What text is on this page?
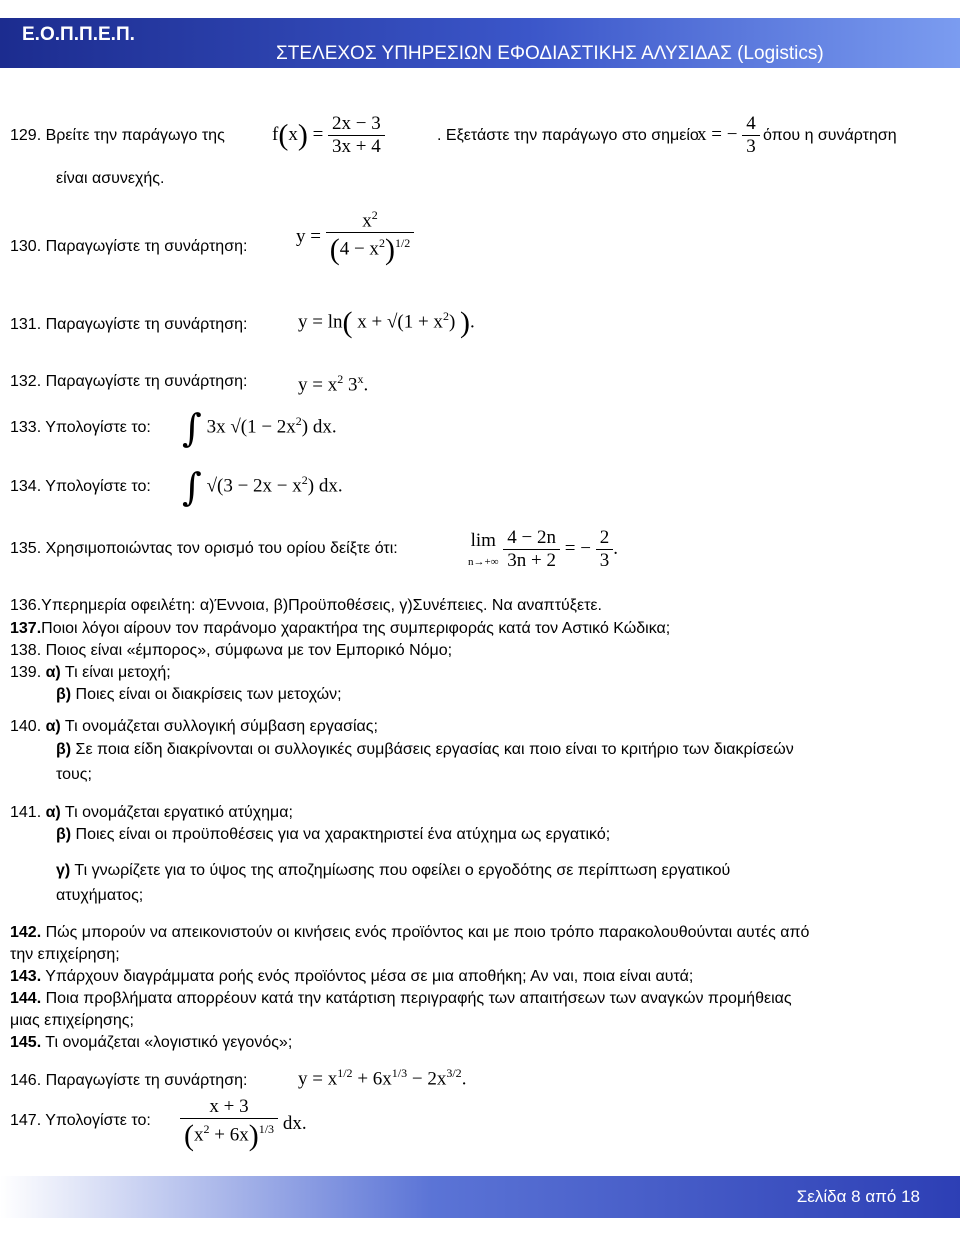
Ε.Ο.Π.Π.Ε.Π.
ΣΤΕΛΕΧΟΣ ΥΠΗΡΕΣΙΩΝ ΕΦΟΔΙΑΣΤΙΚΗΣ ΑΛΥΣΙΔΑΣ (Logistics)
129. Βρείτε την παράγωγο της $f(x) = \frac{2x - 3}{3x + 4}$	. Εξετάστε την παράγωγο στο σημείο
x = − $\frac{4}{3}$ όπου η συνάρτηση
είναι ασυνεχής.
130. Παραγωγίστε τη συνάρτηση:	$y = \frac{x^2}{(4 - x^2)^{1/2}}$
131. Παραγωγίστε τη συνάρτηση:	y = ln( $x + √(1 + x^2)$ ).
132. Παραγωγίστε τη συνάρτηση:	$y = x^2$ 3$^x$.
133. Υπολογίστε το: ∫ 3x $√(1 - 2x^2)$ dx.
134. Υπολογίστε το: ∫ $√(3 - 2x - x^2)$ dx.
135. Χρησιμοποιώντας τον ορισμό του ορίου δείξτε ότι:	lim
$n\to+\infty \frac{4 - 2n}{3n + 2}$ = − $\frac{2}{3}$ .
136.Υπερημερία οφειλέτη: α)Έννοια, β)Προϋποθέσεις, γ)Συνέπειες. Να αναπτύξετε.
137.Ποιοι λόγοι αίρουν τον παράνομο χαρακτήρα της συμπεριφοράς κατά τον Αστικό Κώδικα;
138. Ποιος είναι «έμπορος», σύμφωνα με τον Εμπορικό Νόμο;
139. α) Τι είναι μετοχή;
β) Ποιες είναι οι διακρίσεις των μετοχών;
140. α) Τι ονομάζεται συλλογική σύμβαση εργασίας;
β) Σε ποια είδη διακρίνονται οι συλλογικές συμβάσεις εργασίας και ποιο είναι το κριτήριο των διακρίσεών
τους;
141. α) Τι ονομάζεται εργατικό ατύχημα;
β) Ποιες είναι οι προϋποθέσεις για να χαρακτηριστεί ένα ατύχημα ως εργατικό;
γ) Τι γνωρίζετε για το ύψος της αποζημίωσης που οφείλει ο εργοδότης σε περίπτωση εργατικού
ατυχήματος;
142. Πώς μπορούν να απεικονιστούν οι κινήσεις ενός προϊόντος και με ποιο τρόπο παρακολουθούνται αυτές από
την επιχείρηση;
143. Υπάρχουν διαγράμματα ροής ενός προϊόντος μέσα σε μια αποθήκη; Αν ναι, ποια είναι αυτά;
144. Ποια προβλήματα απορρέουν κατά την κατάρτιση περιγραφής των απαιτήσεων των αναγκών προμήθειας
μιας επιχείρησης;
145. Τι ονομάζεται «λογιστικό γεγονός»;
146. Παραγωγίστε τη συνάρτηση:	$y = x^{1/2} + 6x^{1/3} - 2x^{3/2}$.
147. Υπολογίστε το: $\frac{x + 3}{(x^2 + 6x)^{1/3}}$ dx.
Σελίδα 8 από 18
